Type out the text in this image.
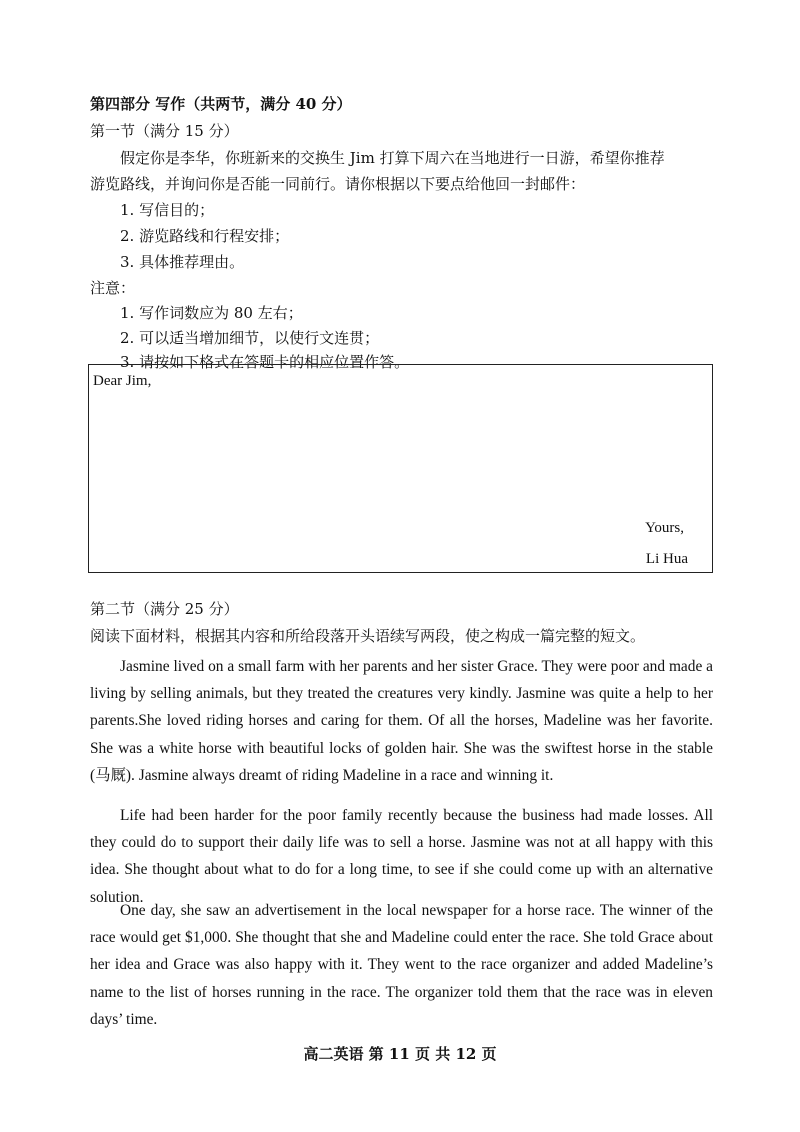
第四部分 写作（共两节，满分 40 分）
第一节（满分 15 分）
假定你是李华，你班新来的交换生 Jim 打算下周六在当地进行一日游，希望你推荐
游览路线，并询问你是否能一同前行。请你根据以下要点给他回一封邮件：
1. 写信目的；
2. 游览路线和行程安排；
3. 具体推荐理由。
注意：
1. 写作词数应为 80 左右；
2. 可以适当增加细节，以使行文连贯；
3. 请按如下格式在答题卡的相应位置作答。
Dear Jim,
Yours,
Li Hua
第二节（满分 25 分）
阅读下面材料，根据其内容和所给段落开头语续写两段，使之构成一篇完整的短文。

Jasmine lived on a small farm with her parents and her sister Grace. They were poor and made a living by selling animals, but they treated the creatures very kindly. Jasmine was quite a help to her parents.She loved riding horses and caring for them. Of all the horses, Madeline was her favorite. She was a white horse with beautiful locks of golden hair. She was the swiftest horse in the stable (马厩). Jasmine always dreamt of riding Madeline in a race and winning it.

Life had been harder for the poor family recently because the business had made losses. All they could do to support their daily life was to sell a horse. Jasmine was not at all happy with this idea. She thought about what to do for a long time, to see if she could come up with an alternative solution.

One day, she saw an advertisement in the local newspaper for a horse race. The winner of the race would get $1,000. She thought that she and Madeline could enter the race. She told Grace about her idea and Grace was also happy with it. They went to the race organizer and added Madeline’s name to the list of horses running in the race. The organizer told them that the race was in eleven days’ time.

高二英语 第 11 页 共 12 页
